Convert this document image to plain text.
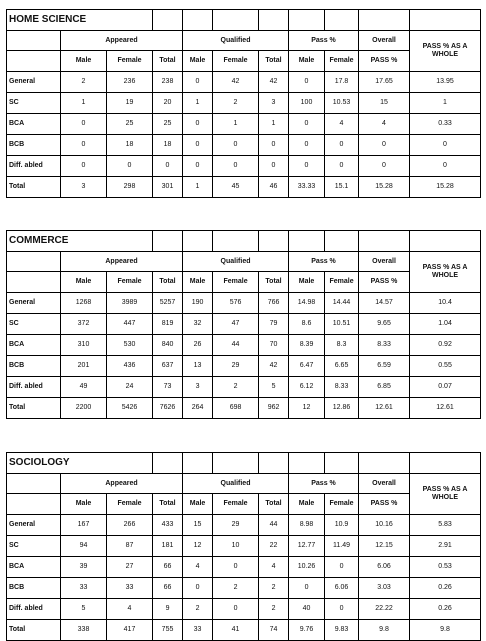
HOME SCIENCE										
	Appeared			Qualified			Pass %		Overall	PASS % AS A WHOLE
	Male	Female	Total	Male	Female	Total	Male	Female	PASS %	
General	2	236	238	0	42	42	0	17.8	17.65	13.95
SC	1	19	20	1	2	3	100	10.53	15	1
BCA	0	25	25	0	1	1	0	4	4	0.33
BCB	0	18	18	0	0	0	0	0	0	0
Diff. abled	0	0	0	0	0	0	0	0	0	0
Total	3	298	301	1	45	46	33.33	15.1	15.28	15.28
COMMERCE										
	Appeared			Qualified			Pass %		Overall	PASS % AS A WHOLE
	Male	Female	Total	Male	Female	Total	Male	Female	PASS %	
General	1268	3989	5257	190	576	766	14.98	14.44	14.57	10.4
SC	372	447	819	32	47	79	8.6	10.51	9.65	1.04
BCA	310	530	840	26	44	70	8.39	8.3	8.33	0.92
BCB	201	436	637	13	29	42	6.47	6.65	6.59	0.55
Diff. abled	49	24	73	3	2	5	6.12	8.33	6.85	0.07
Total	2200	5426	7626	264	698	962	12	12.86	12.61	12.61
SOCIOLOGY										
	Appeared			Qualified			Pass %		Overall	PASS % AS A WHOLE
	Male	Female	Total	Male	Female	Total	Male	Female	PASS %	
General	167	266	433	15	29	44	8.98	10.9	10.16	5.83
SC	94	87	181	12	10	22	12.77	11.49	12.15	2.91
BCA	39	27	66	4	0	4	10.26	0	6.06	0.53
BCB	33	33	66	0	2	2	0	6.06	3.03	0.26
Diff. abled	5	4	9	2	0	2	40	0	22.22	0.26
Total	338	417	755	33	41	74	9.76	9.83	9.8	9.8
